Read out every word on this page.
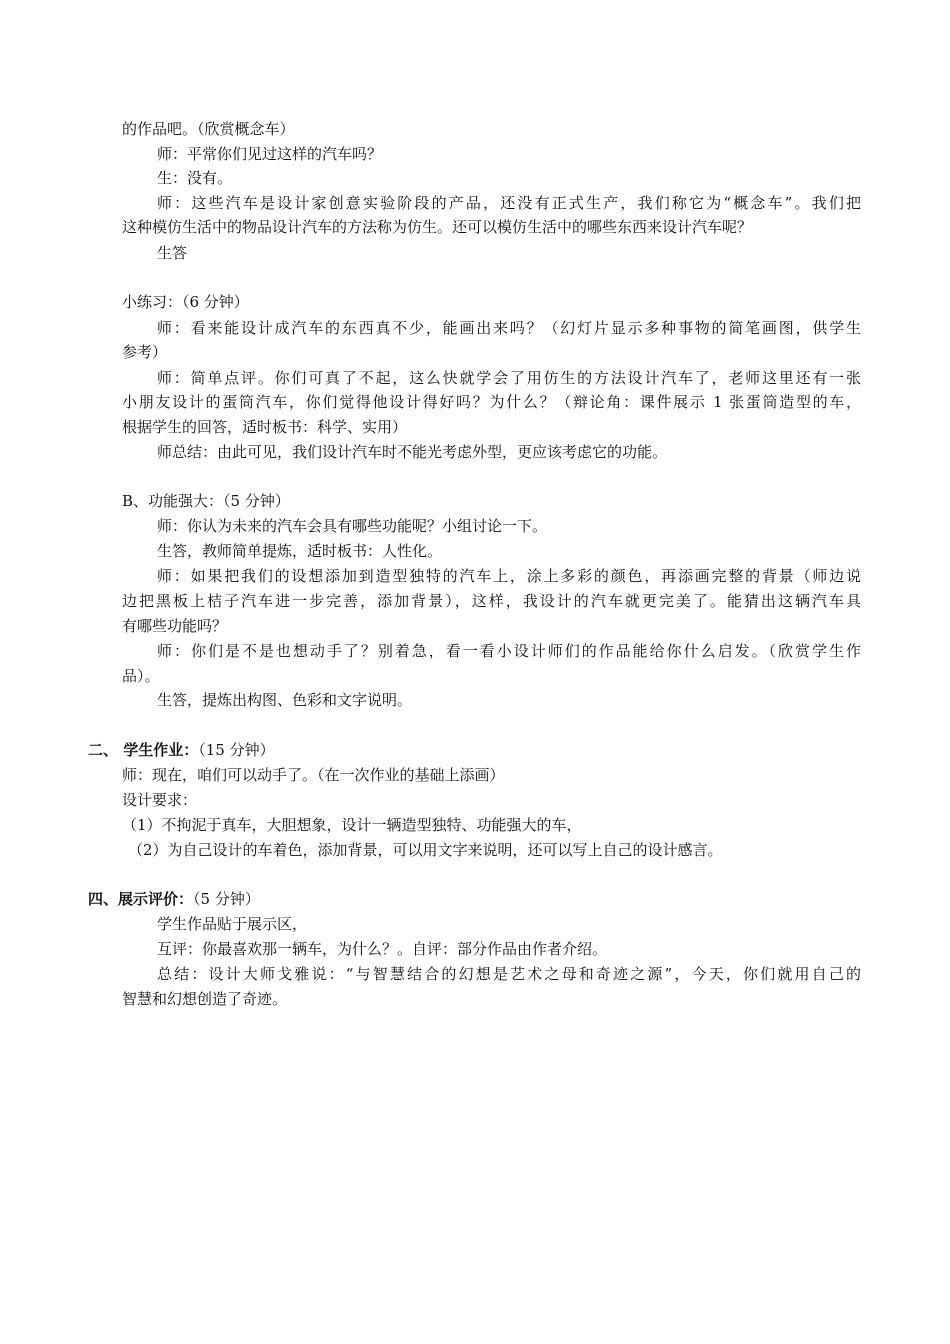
的作品吧。（欣赏概念车）
师：平常你们见过这样的汽车吗？
生：没有。
师：这些汽车是设计家创意实验阶段的产品，还没有正式生产，我们称它为“概念车”。我们把
这种模仿生活中的物品设计汽车的方法称为仿生。还可以模仿生活中的哪些东西来设计汽车呢？
生答
小练习：（6 分钟）
师：看来能设计成汽车的东西真不少，能画出来吗？（幻灯片显示多种事物的简笔画图，供学生
参考）
师：简单点评。你们可真了不起，这么快就学会了用仿生的方法设计汽车了，老师这里还有一张
小朋友设计的蛋筒汽车，你们觉得他设计得好吗？为什么？（辩论角：课件展示 1 张蛋筒造型的车，
根据学生的回答，适时板书：科学、实用）
师总结：由此可见，我们设计汽车时不能光考虑外型，更应该考虑它的功能。
B、功能强大：（5 分钟）
师：你认为未来的汽车会具有哪些功能呢？小组讨论一下。
生答，教师简单提炼，适时板书：人性化。
师：如果把我们的设想添加到造型独特的汽车上，涂上多彩的颜色，再添画完整的背景（师边说
边把黑板上桔子汽车进一步完善，添加背景），这样，我设计的汽车就更完美了。能猜出这辆汽车具
有哪些功能吗？
师：你们是不是也想动手了？别着急，看一看小设计师们的作品能给你什么启发。（欣赏学生作
品）。
生答，提炼出构图、色彩和文字说明。
二、 学生作业：（15 分钟）
师：现在，咱们可以动手了。（在一次作业的基础上添画）
设计要求：
（1）不拘泥于真车，大胆想象，设计一辆造型独特、功能强大的车，
（2）为自己设计的车着色，添加背景，可以用文字来说明，还可以写上自己的设计感言。
四、展示评价：（5 分钟）
学生作品贴于展示区，
互评：你最喜欢那一辆车，为什么？。自评：部分作品由作者介绍。
总结：设计大师戈雅说：“与智慧结合的幻想是艺术之母和奇迹之源”，今天，你们就用自己的
智慧和幻想创造了奇迹。
